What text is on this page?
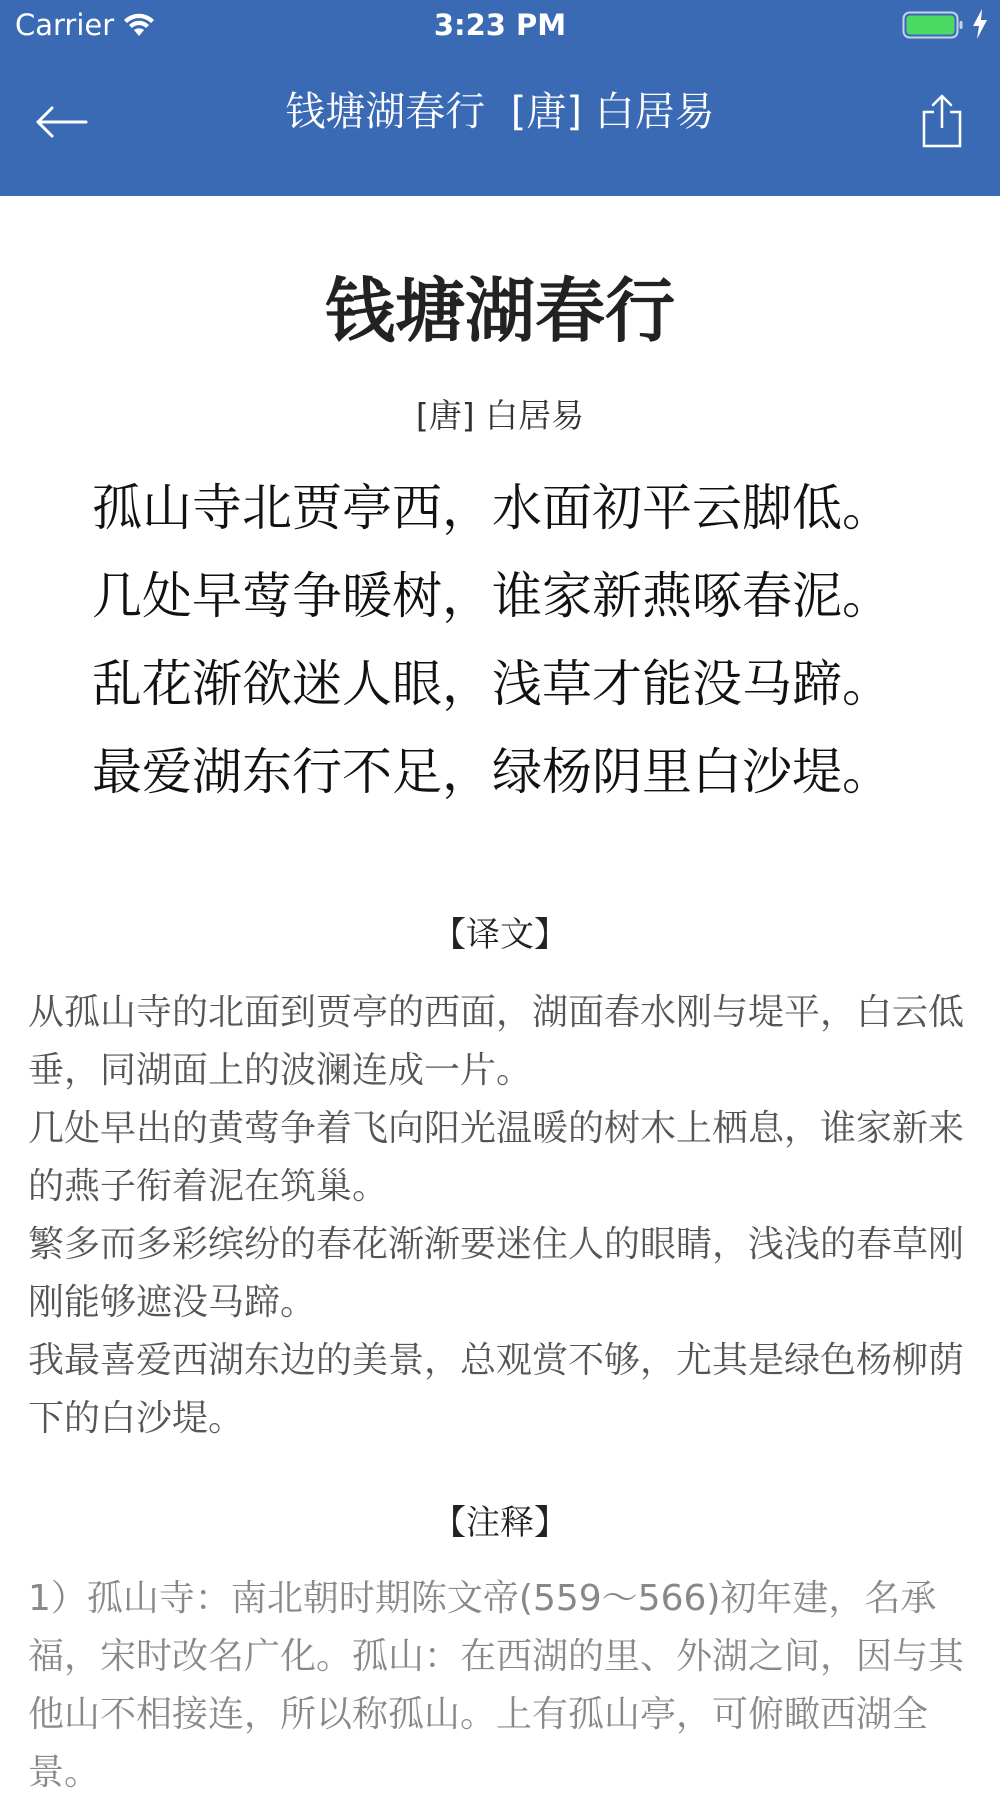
Carrier	3:23 PM
钱塘湖春行  [唐] 白居易
钱塘湖春行
[唐] 白居易
孤山寺北贾亭西，水面初平云脚低。
几处早莺争暖树，谁家新燕啄春泥。
乱花渐欲迷人眼，浅草才能没马蹄。
最爱湖东行不足，绿杨阴里白沙堤。
【译文】

从孤山寺的北面到贾亭的西面，湖面春水刚与堤平，白云低垂，同湖面上的波澜连成一片。

几处早出的黄莺争着飞向阳光温暖的树木上栖息，谁家新来的燕子衔着泥在筑巢。

繁多而多彩缤纷的春花渐渐要迷住人的眼睛，浅浅的春草刚刚能够遮没马蹄。

我最喜爱西湖东边的美景，总观赏不够，尤其是绿色杨柳荫下的白沙堤。

【注释】

1）孤山寺：南北朝时期陈文帝(559～566)初年建，名承福，宋时改名广化。孤山：在西湖的里、外湖之间，因与其他山不相接连，所以称孤山。上有孤山亭，可俯瞰西湖全景。
